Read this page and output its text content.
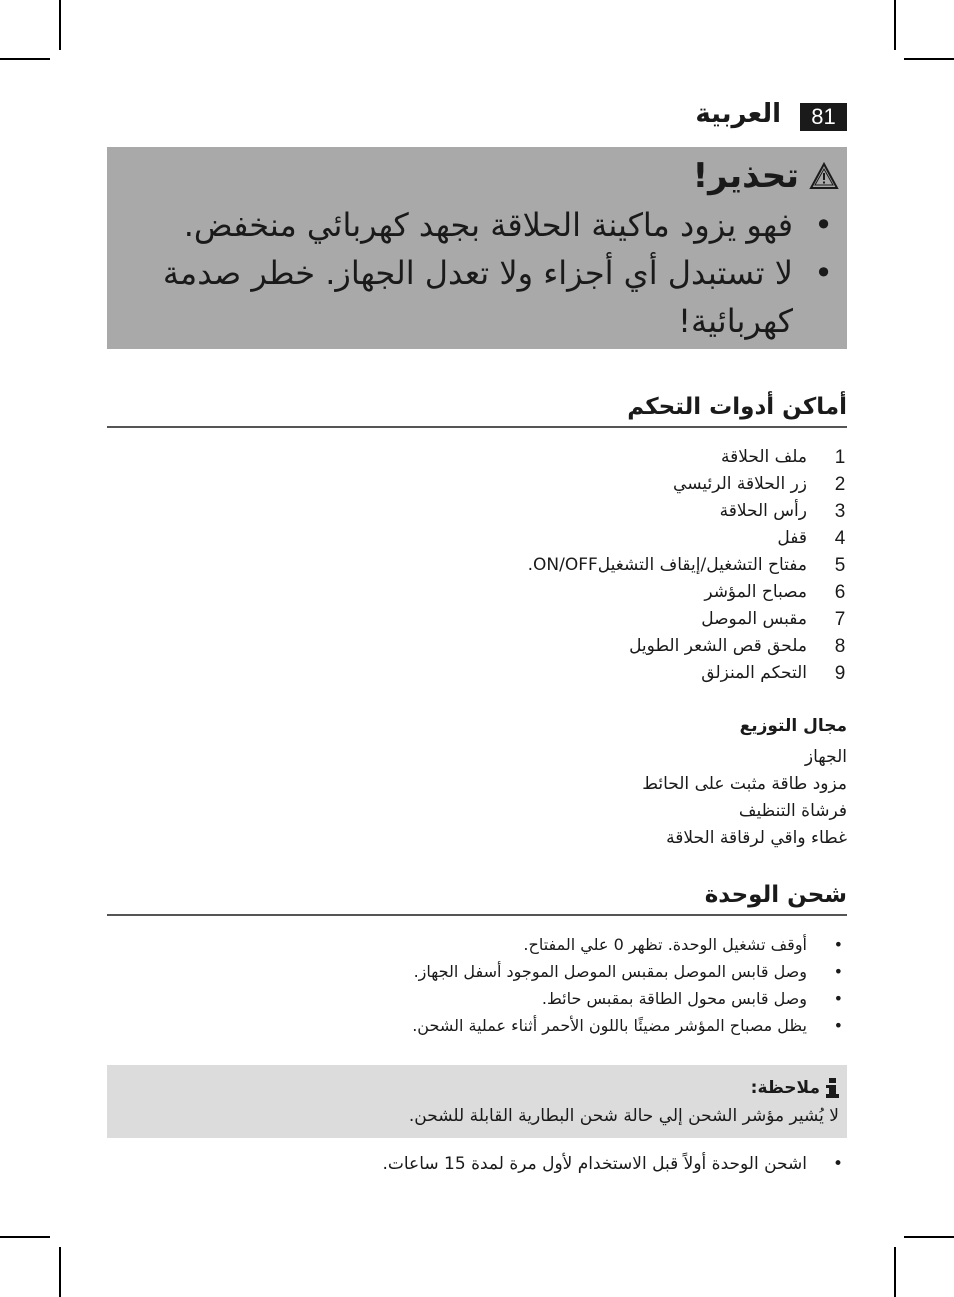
81
العربية
تحذير!
• فهو يزود ماكينة الحلاقة بجهد كهربائي منخفض.
• لا تستبدل أي أجزاء ولا تعدل الجهاز. خطر صدمة كهربائية!
أماكن أدوات التحكم
1
ملف الحلاقة
2
زر الحلاقة الرئيسي
3
رأس الحلاقة
4
قفل
5
مفتاح التشغيل/إيقاف التشغيلON/OFF.
6
مصباح المؤشر
7
مقبس الموصل
8
ملحق قص الشعر الطويل
9
التحكم المنزلق
مجال التوزيع
الجهاز
مزود طاقة مثبت على الحائط
فرشاة التنظيف
غطاء واقي لرقاقة الحلاقة
شحن الوحدة
• أوقف تشغيل الوحدة. تظهر 0 علي المفتاح.
• وصل قابس الموصل بمقبس الموصل الموجود أسفل الجهاز.
• وصل قابس محول الطاقة بمقبس حائط.
• يظل مصباح المؤشر مضيئًا باللون الأحمر أثناء عملية الشحن.
ملاحظة:
لا يُشير مؤشر الشحن إلي حالة شحن البطارية القابلة للشحن.
• اشحن الوحدة أولاً قبل الاستخدام لأول مرة لمدة 15 ساعات.
